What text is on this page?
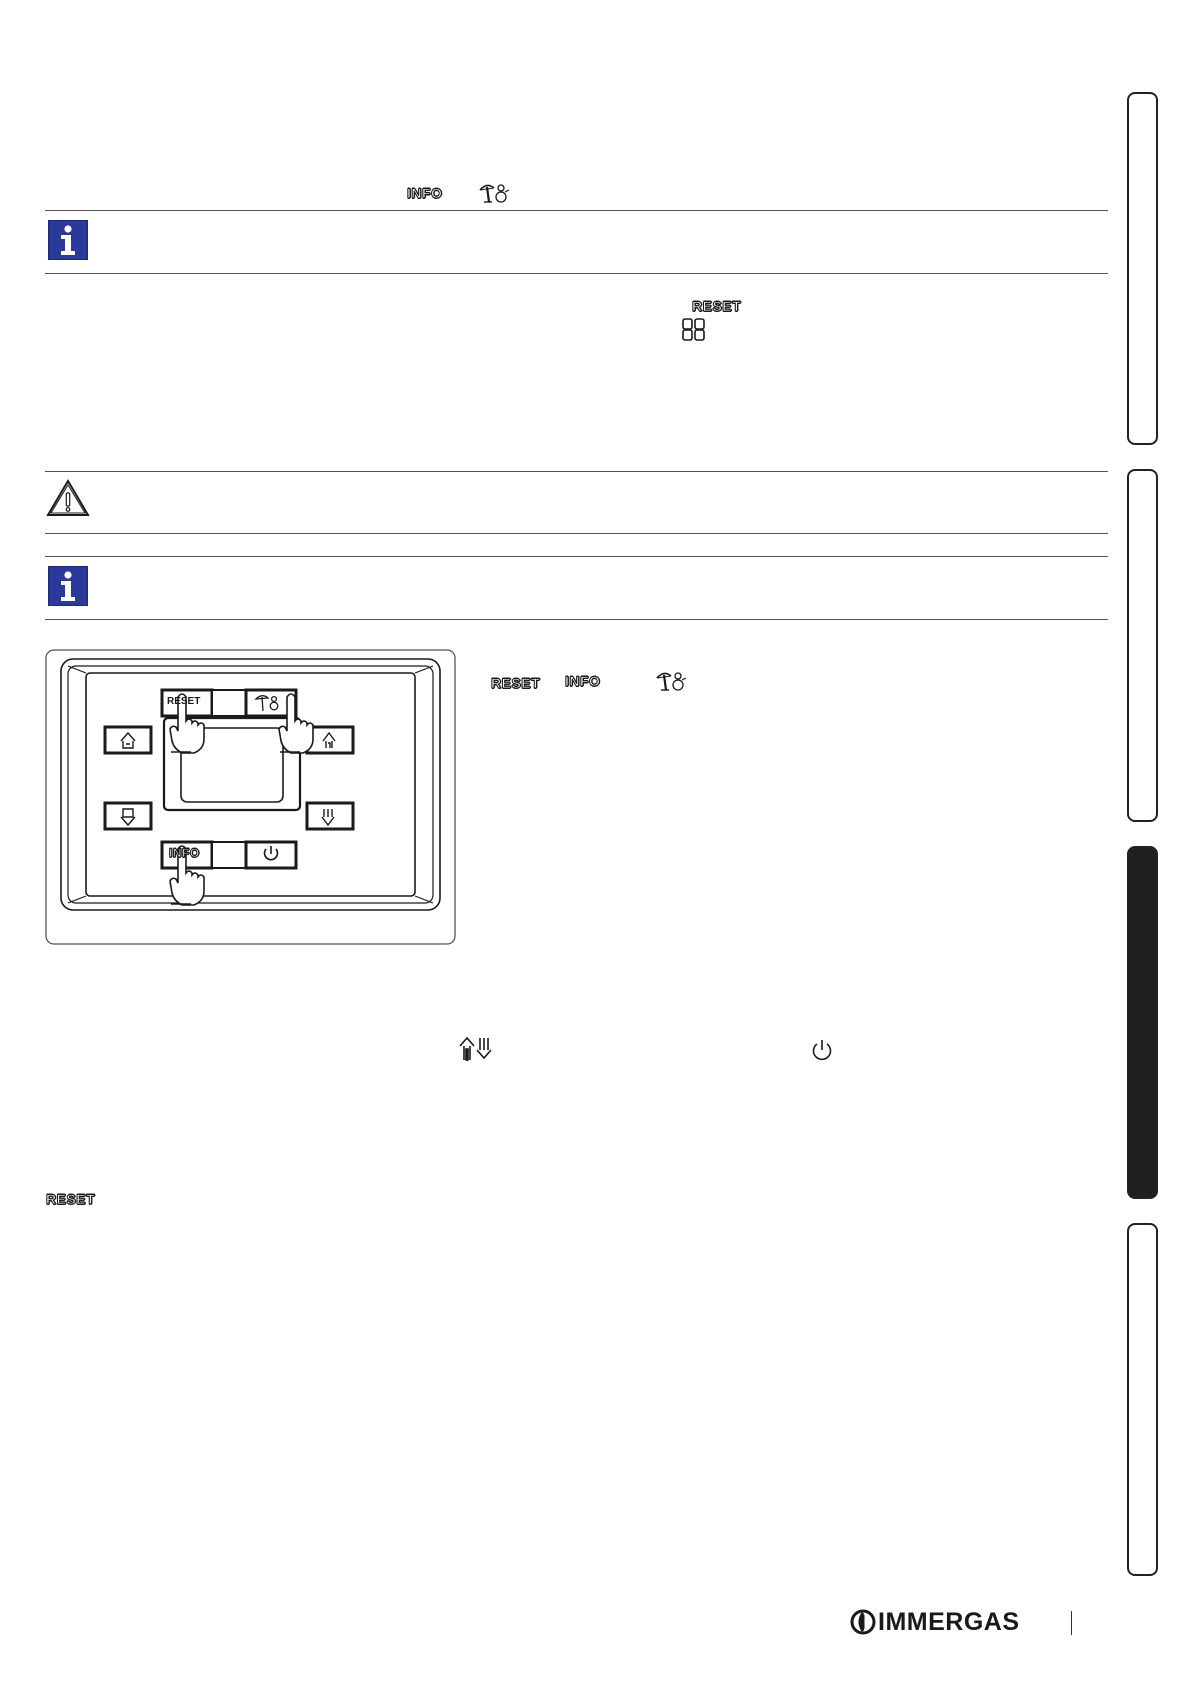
INFO
RESET
RESET
INFO
RESET INFO
RESET
IMMERGAS
